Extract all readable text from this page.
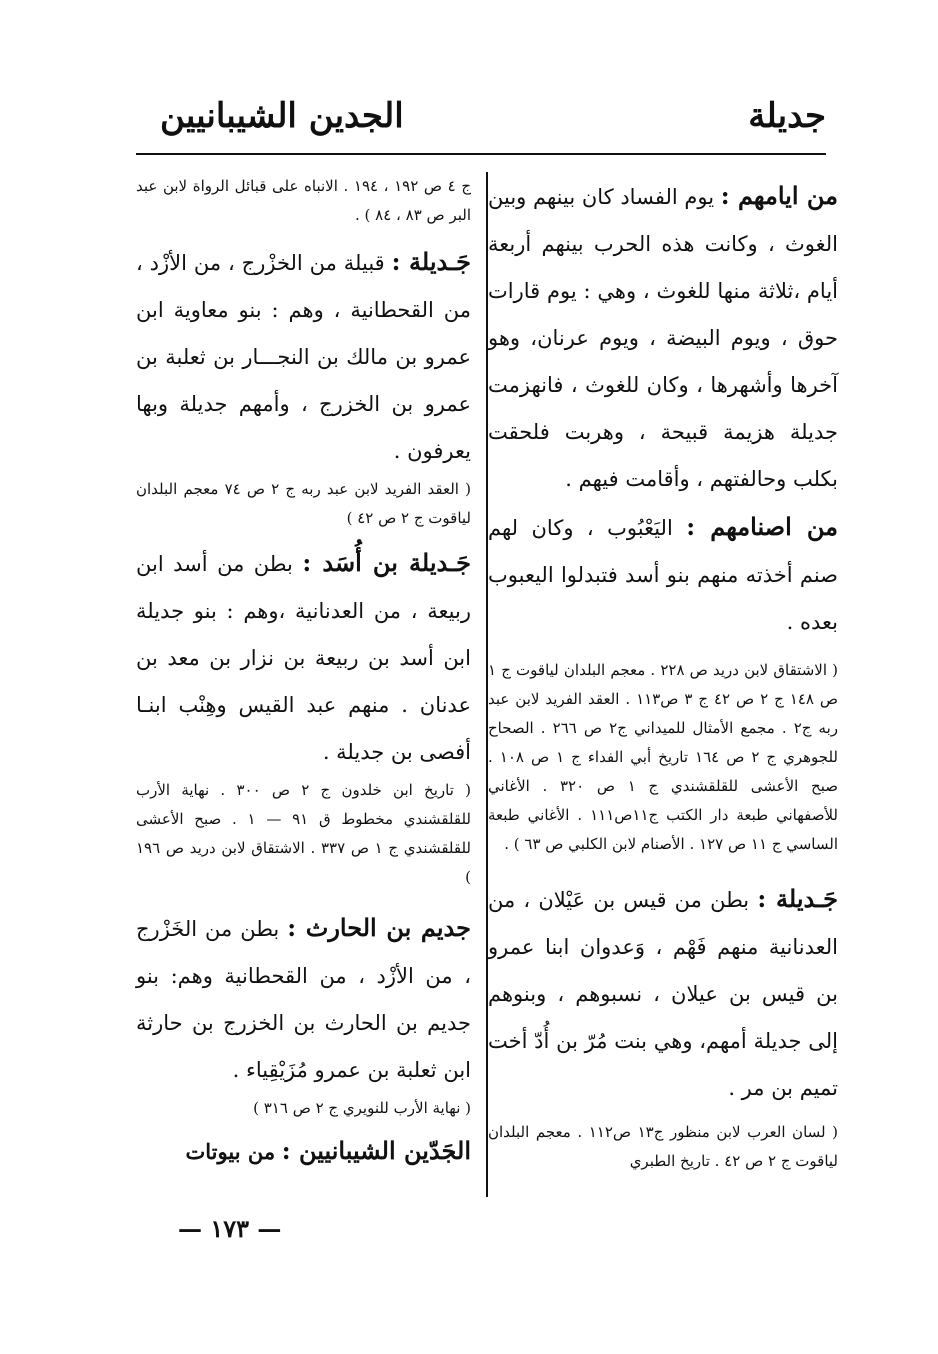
جديلة
الجدين الشيبانيين

من ايامهم : يوم الفساد كان بينهم وبين الغوث ، وكانت هذه الحرب بينهم أربعة أيام ،ثلاثة منها للغوث ، وهي : يوم قارات حوق ، ويوم البيضة ، ويوم عرنان، وهو آخرها وأشهرها ، وكان للغوث ، فانهزمت جديلة هزيمة قبيحة ، وهربت فلحقت بكلب وحالفتهم ، وأقامت فيهم .

من اصنامهم : اليَعْبُوب ، وكان لهم صنم أخذته منهم بنو أسد فتبدلوا اليعبوب بعده .

( الاشتقاق لابن دريد ص ٢٢٨ . معجم البلدان لياقوت ج ١ ص ١٤٨ ج ٢ ص ٤٢ ج ٣ ص١١٣ . العقد الفريد لابن عبد ربه ج٢ . مجمع الأمثال للميداني ج٢ ص ٢٦٦ . الصحاح للجوهري ج ٢ ص ١٦٤ تاريخ أبي الفداء ج ١ ص ١٠٨ . صبح الأعشى للقلقشندي ج ١ ص ٣٢٠ . الأغاني للأصفهاني طبعة دار الكتب ج١١ص١١١ . الأغاني طبعة الساسي ج ١١ ص ١٢٧ . الأصنام لابن الكلبي ص ٦٣ ) .

جَـديلة : بطن من قيس بن عَيْلان ، من العدنانية منهم فَهْم ، وَعدوان ابنا عمرو بن قيس بن عيلان ، نسبوهم ، وبنوهم إلى جديلة أمهم، وهي بنت مُرّ بن أُدّ أخت تميم بن مر .

( لسان العرب لابن منظور ج١٣ ص١١٢ . معجم البلدان لياقوت ج ٢ ص ٤٢ . تاريخ الطبري

ج ٤ ص ١٩٢ ، ١٩٤ . الانباه على قبائل الرواة لابن عبد البر ص ٨٣ ، ٨٤ ) .

جَـديلة : قبيلة من الخزْرج ، من الأزْد ، من القحطانية ، وهم : بنو معاوية ابن عمرو بن مالك بن النجـــار بن ثعلبة بن عمرو بن الخزرج ، وأمهم جديلة وبها يعرفون .

( العقد الفريد لابن عبد ربه ج ٢ ص ٧٤ معجم البلدان لياقوت ج ٢ ص ٤٢ )

جَـديلة بن أُسَد : بطن من أسد ابن ربيعة ، من العدنانية ،وهم : بنو جديلة ابن أسد بن ربيعة بن نزار بن معد بن عدنان . منهم عبد القيس وهِنْب ابنـا أفصى بن جديلة .

( تاريخ ابن خلدون ج ٢ ص ٣٠٠ . نهاية الأرب للقلقشندي مخطوط ق ٩١ — ١ . صبح الأعشى للقلقشندي ج ١ ص ٣٣٧ . الاشتقاق لابن دريد ص ١٩٦ )

جديم بن الحارث : بطن من الخَزْرج ، من الأزْد ، من القحطانية وهم: بنو جديم بن الحارث بن الخزرج بن حارثة ابن ثعلبة بن عمرو مُزَيْقِياء .

( نهاية الأرب للنويري ج ٢ ص ٣١٦ )

الجَدّين الشيبانيين : من بيوتات

— ١٧٣ —
